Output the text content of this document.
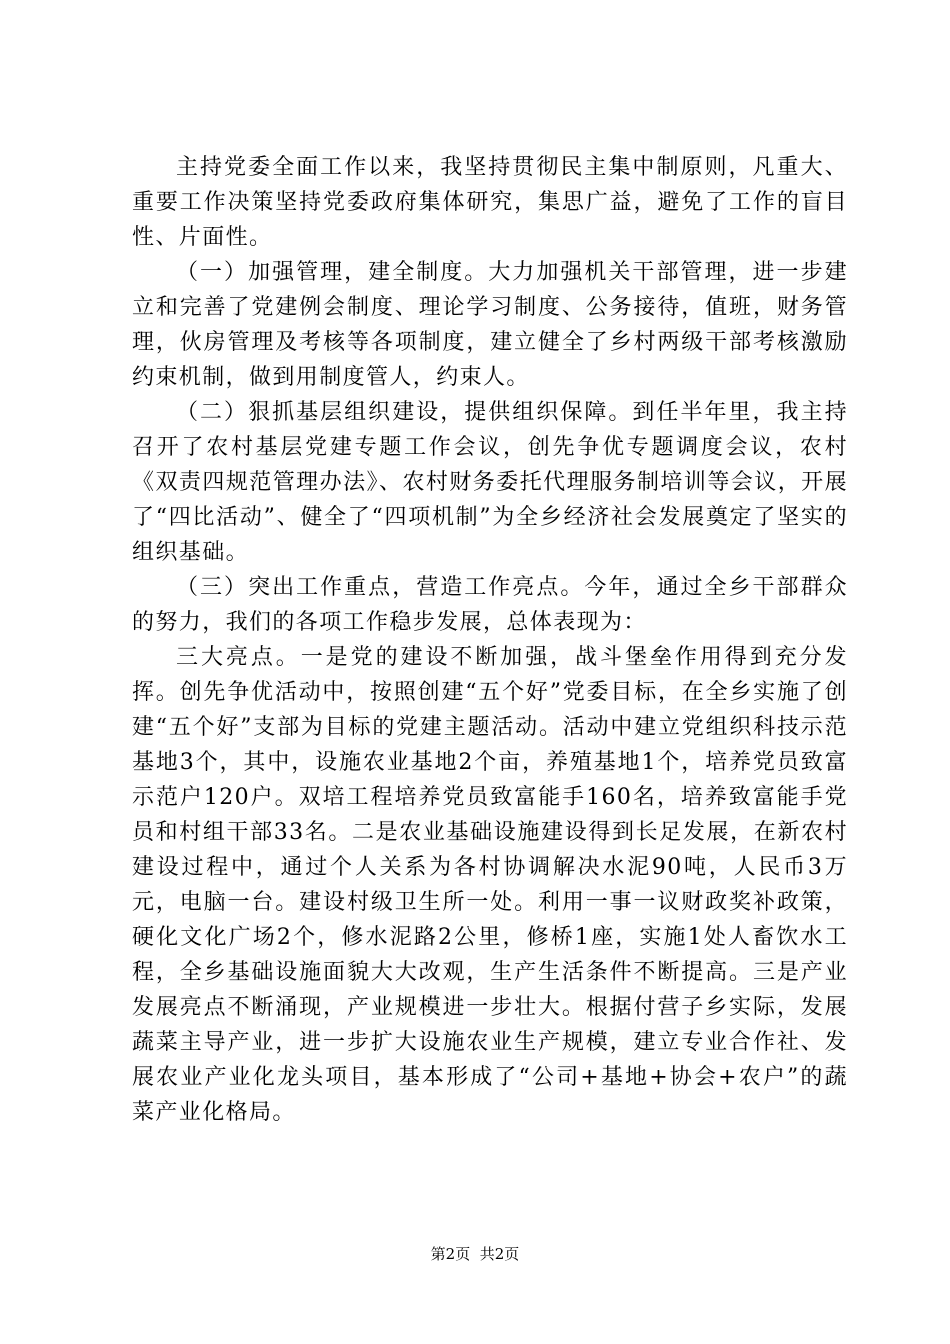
主持党委全面工作以来，我坚持贯彻民主集中制原则，凡重大、重要工作决策坚持党委政府集体研究，集思广益，避免了工作的盲目性、片面性。

（一）加强管理，建全制度。大力加强机关干部管理，进一步建立和完善了党建例会制度、理论学习制度、公务接待，值班，财务管理，伙房管理及考核等各项制度，建立健全了乡村两级干部考核激励约束机制，做到用制度管人，约束人。

（二）狠抓基层组织建设，提供组织保障。到任半年里，我主持召开了农村基层党建专题工作会议，创先争优专题调度会议，农村《双责四规范管理办法》、农村财务委托代理服务制培训等会议，开展了“四比活动”、健全了“四项机制”为全乡经济社会发展奠定了坚实的组织基础。

（三）突出工作重点，营造工作亮点。今年，通过全乡干部群众的努力，我们的各项工作稳步发展，总体表现为：

三大亮点。一是党的建设不断加强，战斗堡垒作用得到充分发挥。创先争优活动中，按照创建“五个好”党委目标，在全乡实施了创建“五个好”支部为目标的党建主题活动。活动中建立党组织科技示范基地3个，其中，设施农业基地2个亩，养殖基地1个，培养党员致富示范户120户。双培工程培养党员致富能手160名，培养致富能手党员和村组干部33名。二是农业基础设施建设得到长足发展，在新农村建设过程中，通过个人关系为各村协调解决水泥90吨，人民币3万元，电脑一台。建设村级卫生所一处。利用一事一议财政奖补政策，硬化文化广场2个，修水泥路2公里，修桥1座，实施1处人畜饮水工程，全乡基础设施面貌大大改观，生产生活条件不断提高。三是产业发展亮点不断涌现，产业规模进一步壮大。根据付营子乡实际，发展蔬菜主导产业，进一步扩大设施农业生产规模，建立专业合作社、发展农业产业化龙头项目，基本形成了“公司+基地+协会+农户”的蔬菜产业化格局。

第2页 共2页
